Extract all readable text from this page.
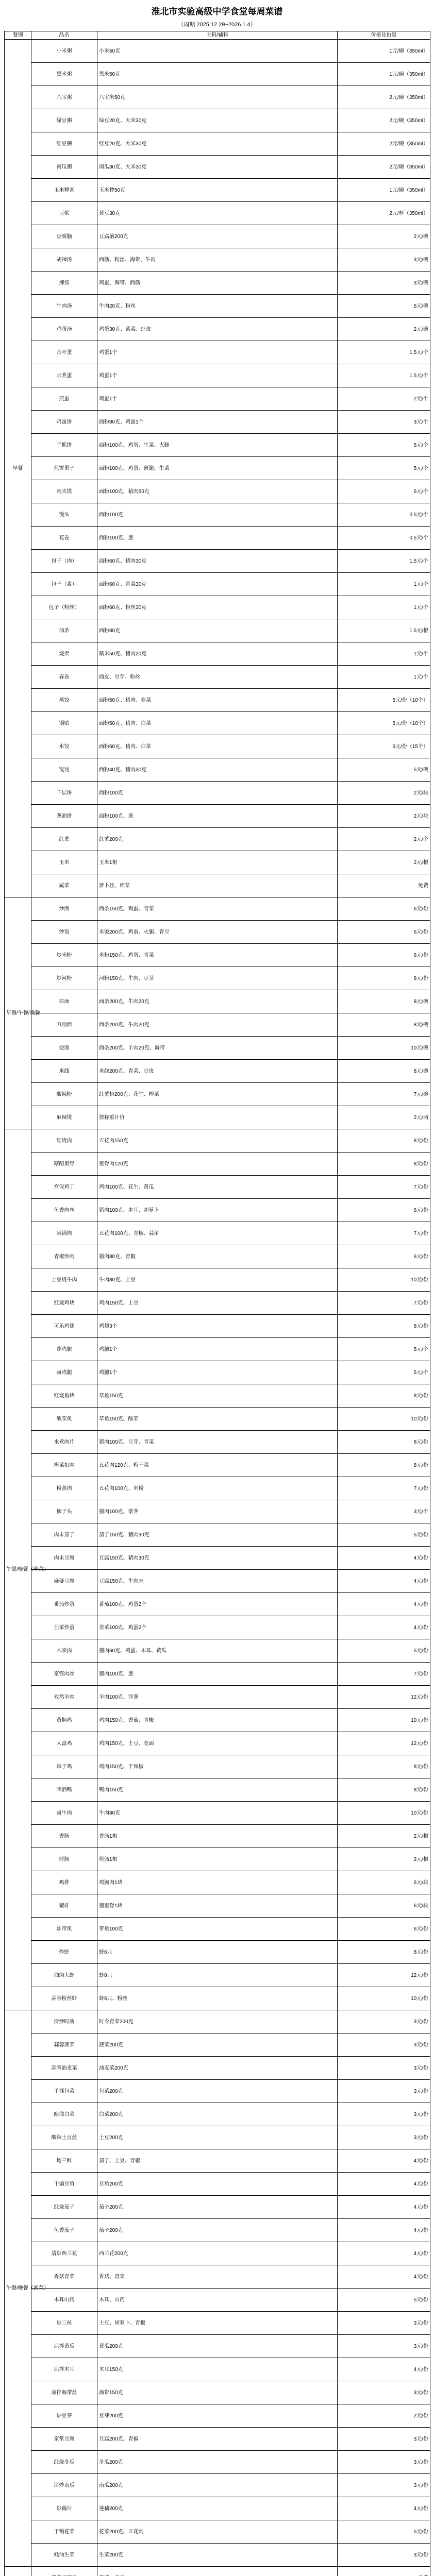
淮北市实验高级中学食堂每周菜谱
（周期 2025.12.29~2026.1.4）
餐别	品名	主料/辅料	价格及份量
早餐	小米粥	小米50克	1元/碗（350ml）
	黑米粥	黑米50克	1元/碗（350ml）
	八宝粥	八宝米50克	2元/碗（350ml）
	绿豆粥	绿豆20克、大米30克	2元/碗（350ml）
	红豆粥	红豆20克、大米30克	2元/碗（350ml）
	南瓜粥	南瓜30克、大米30克	2元/碗（350ml）
	玉米糁粥	玉米糁50克	1元/碗（350ml）
	豆浆	黄豆30克	2元/杯（350ml）
	豆腐脑	豆腐脑200克	2元/碗
	胡辣汤	面筋、粉丝、海带、牛肉	3元/碗
	辣汤	鸡蛋、海带、面筋	3元/碗
	牛肉汤	牛肉20克、粉丝	5元/碗
	鸡蛋汤	鸡蛋30克、紫菜、虾皮	2元/碗
	茶叶蛋	鸡蛋1个	1.5元/个
	水煮蛋	鸡蛋1个	1.5元/个
	煎蛋	鸡蛋1个	2元/个
	鸡蛋饼	面粉80克、鸡蛋1个	3元/个
	手抓饼	面粉100克、鸡蛋、生菜、火腿	5元/个
	煎饼果子	面粉100克、鸡蛋、薄脆、生菜	5元/个
	肉夹馍	面粉100克、猪肉50克	6元/个
	馒头	面粉100克	0.5元/个
	花卷	面粉100克、葱	0.5元/个
	包子（肉）	面粉60克、猪肉30克	1.5元/个
	包子（素）	面粉60克、青菜30克	1元/个
	包子（粉丝）	面粉60克、粉丝30克	1元/个
	油条	面粉80克	1.5元/根
	烧卖	糯米50克、猪肉20克	1元/个
	春卷	面皮、豆芽、粉丝	1元/个
	蒸饺	面粉50克、猪肉、韭菜	5元/份（10个）
	锅贴	面粉50克、猪肉、白菜	5元/份（10个）
	水饺	面粉60克、猪肉、白菜	6元/份（15个）
	馄饨	面粉40克、猪肉30克	5元/碗
	千层饼	面粉100克	2元/块
	葱油饼	面粉100克、葱	2元/块
	红薯	红薯200克	2元/个
	玉米	玉米1根	2元/根
	咸菜	萝卜丝、榨菜	免费
早餐/午餐/晚餐	炒面	面条150克、鸡蛋、青菜	6元/份
	炒饭	米饭200克、鸡蛋、火腿、青豆	6元/份
	炒米粉	米粉150克、鸡蛋、青菜	6元/份
	炒河粉	河粉150克、牛肉、豆芽	8元/份
	拉面	面条200克、牛肉20克	8元/碗
	刀削面	面条200克、牛肉20克	8元/碗
	烩面	面条200克、羊肉20克、海带	10元/碗
	米线	米线200克、青菜、豆皮	8元/碗
	酸辣粉	红薯粉200克、花生、榨菜	7元/碗
	麻辣烫	按称重计价	2元/两
午餐/晚餐（荤菜）	红烧肉	五花肉150克	8元/份
	糖醋里脊	里脊肉120克	8元/份
	宫保鸡丁	鸡肉100克、花生、黄瓜	7元/份
	鱼香肉丝	猪肉100克、木耳、胡萝卜	6元/份
	回锅肉	五花肉100克、青椒、蒜苗	7元/份
	青椒炒肉	猪肉80克、青椒	6元/份
	土豆烧牛肉	牛肉80克、土豆	10元/份
	红烧鸡块	鸡肉150克、土豆	7元/份
	可乐鸡翅	鸡翅3个	8元/份
	炸鸡腿	鸡腿1个	5元/个
	卤鸡腿	鸡腿1个	5元/个
	红烧鱼块	草鱼150克	8元/份
	酸菜鱼	草鱼150克、酸菜	10元/份
	水煮肉片	猪肉100克、豆芽、青菜	8元/份
	梅菜扣肉	五花肉120克、梅干菜	8元/份
	粉蒸肉	五花肉100克、米粉	7元/份
	狮子头	猪肉100克、荸荠	3元/个
	肉末茄子	茄子150克、猪肉30克	5元/份
	肉末豆腐	豆腐150克、猪肉30克	4元/份
	麻婆豆腐	豆腐150克、牛肉末	4元/份
	番茄炒蛋	番茄100克、鸡蛋2个	4元/份
	韭菜炒蛋	韭菜100克、鸡蛋2个	4元/份
	木须肉	猪肉60克、鸡蛋、木耳、黄瓜	5元/份
	京酱肉丝	猪肉100克、葱	7元/份
	孜然羊肉	羊肉100克、洋葱	12元/份
	黄焖鸡	鸡肉150克、香菇、青椒	10元/份
	大盘鸡	鸡肉150克、土豆、宽面	12元/份
	辣子鸡	鸡肉150克、干辣椒	8元/份
	啤酒鸭	鸭肉150克	8元/份
	卤牛肉	牛肉80克	10元/份
	香肠	香肠1根	2元/根
	烤肠	烤肠1根	2元/根
	鸡排	鸡胸肉1块	6元/块
	猪排	猪里脊1块	6元/块
	炸带鱼	带鱼100克	6元/份
	炸虾	虾6只	8元/份
	油焖大虾	虾8只	12元/份
	蒜蓉粉丝虾	虾6只、粉丝	10元/份
午餐/晚餐（素菜）	清炒时蔬	时令青菜200克	3元/份
	蒜蓉菠菜	菠菜200克	3元/份
	蒜蓉油麦菜	油麦菜200克	3元/份
	手撕包菜	包菜200克	3元/份
	醋溜白菜	白菜200克	3元/份
	酸辣土豆丝	土豆200克	3元/份
	地三鲜	茄子、土豆、青椒	4元/份
	干煸豆角	豆角200克	4元/份
	红烧茄子	茄子200克	4元/份
	鱼香茄子	茄子200克	4元/份
	清炒西兰花	西兰花200克	4元/份
	香菇青菜	香菇、青菜	4元/份
	木耳山药	木耳、山药	5元/份
	炒三丝	土豆、胡萝卜、青椒	3元/份
	凉拌黄瓜	黄瓜200克	3元/份
	凉拌木耳	木耳150克	4元/份
	凉拌海带丝	海带150克	3元/份
	炒豆芽	豆芽200克	2元/份
	家常豆腐	豆腐200克、青椒	3元/份
	红烧冬瓜	冬瓜200克	3元/份
	清炒南瓜	南瓜200克	3元/份
	炒藕片	莲藕200克	4元/份
	干锅花菜	花菜200克、五花肉	5元/份
	蚝油生菜	生菜200克	3元/份
